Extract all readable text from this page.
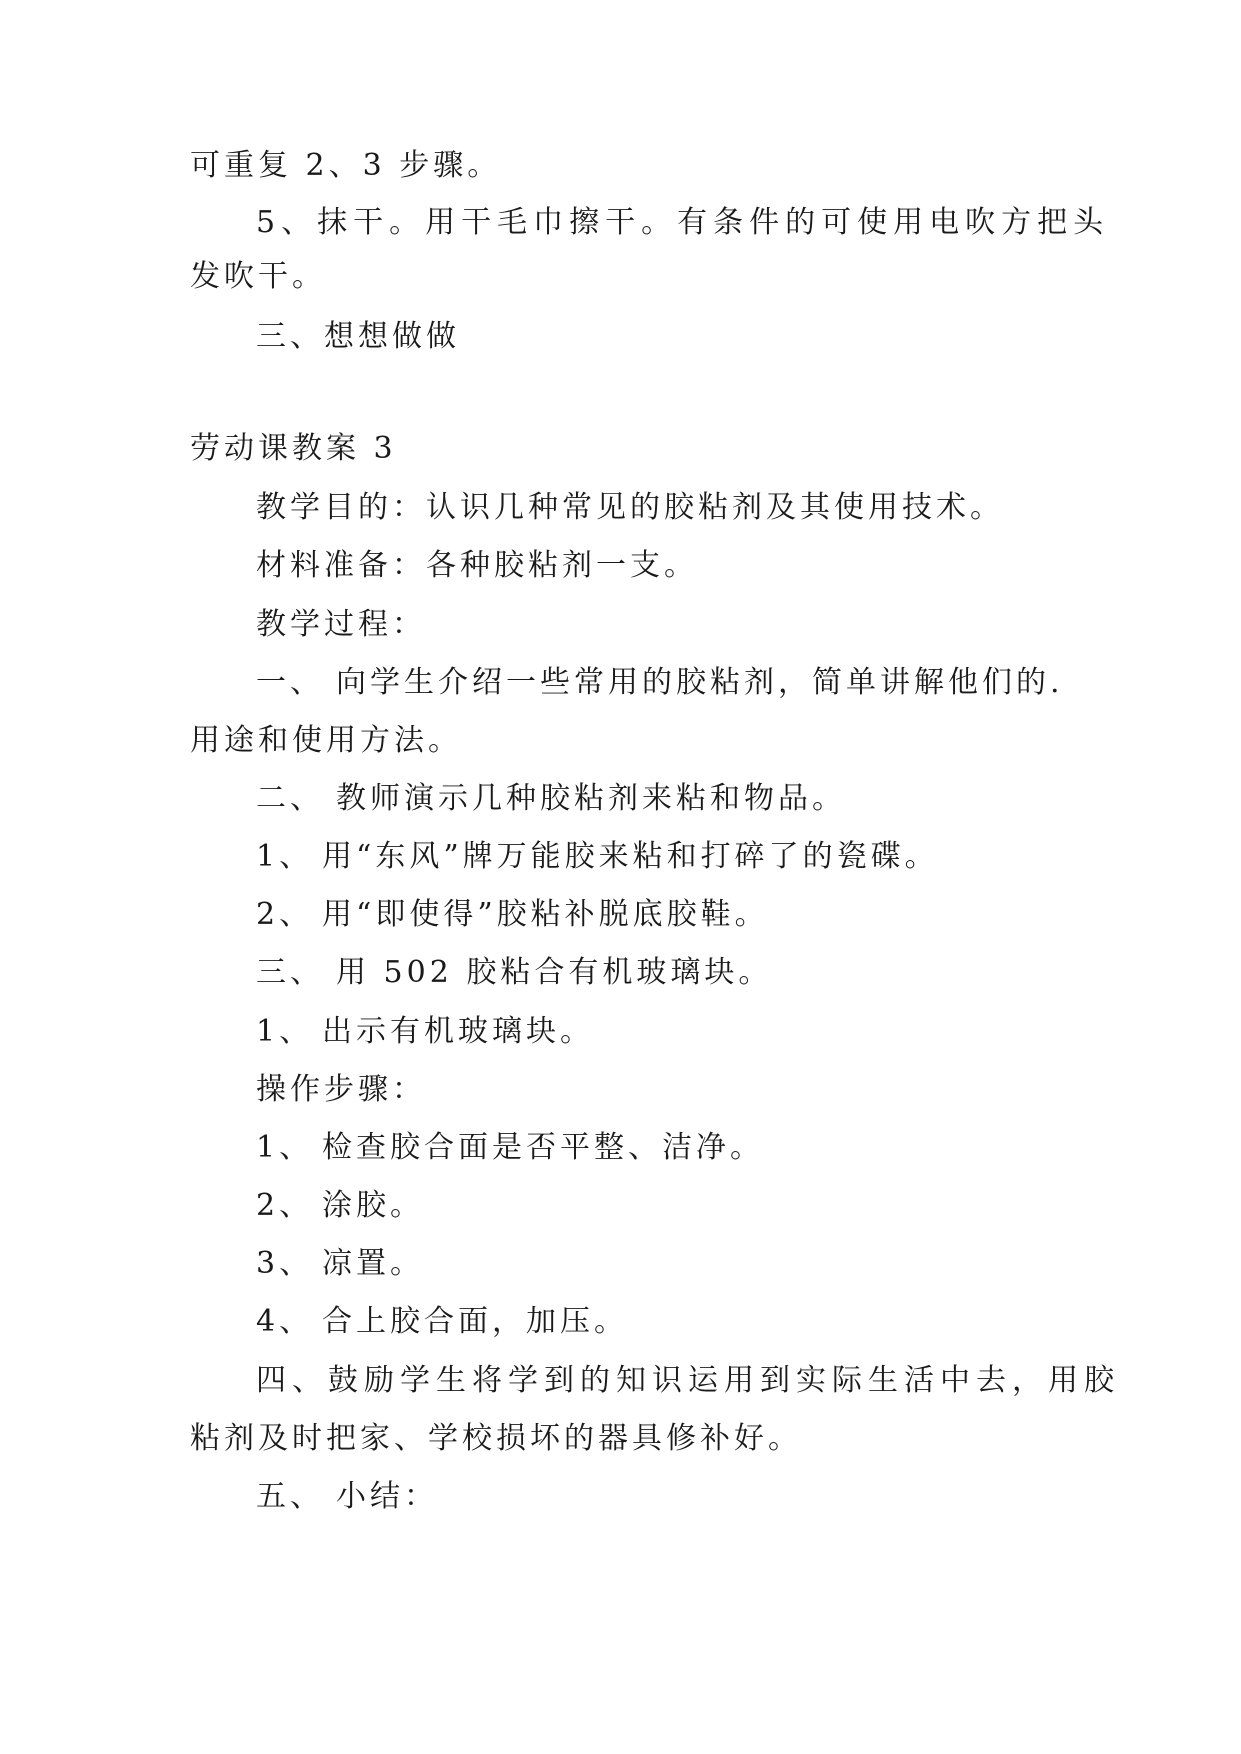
可重复 2、3 步骤。
5、抹干。用干毛巾擦干。有条件的可使用电吹方把头
发吹干。
三、想想做做
劳动课教案 3
教学目的：认识几种常见的胶粘剂及其使用技术。
材料准备：各种胶粘剂一支。
教学过程：
一、 向学生介绍一些常用的胶粘剂，简单讲解他们的.
用途和使用方法。
二、 教师演示几种胶粘剂来粘和物品。
1、 用“东风”牌万能胶来粘和打碎了的瓷碟。
2、 用“即使得”胶粘补脱底胶鞋。
三、 用 502 胶粘合有机玻璃块。
1、 出示有机玻璃块。
操作步骤：
1、 检查胶合面是否平整、洁净。
2、 涂胶。
3、 凉置。
4、 合上胶合面，加压。
四、鼓励学生将学到的知识运用到实际生活中去，用胶
粘剂及时把家、学校损坏的器具修补好。
五、 小结：
